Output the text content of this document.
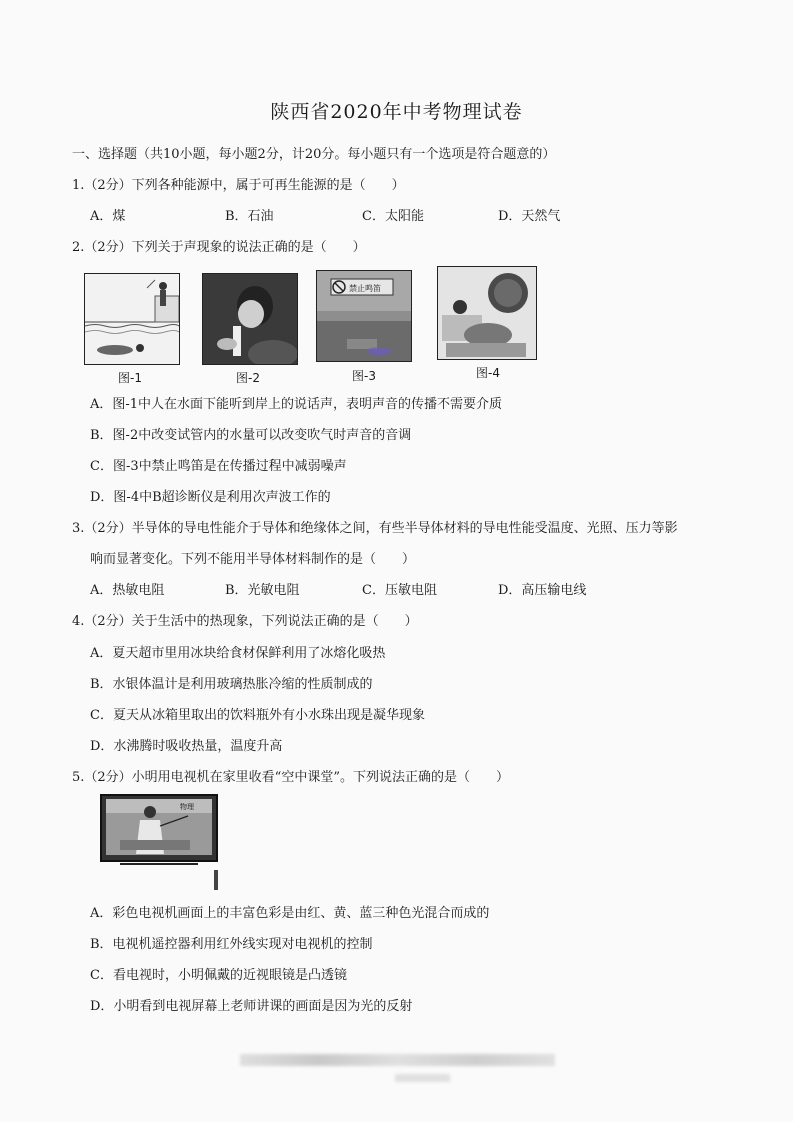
陕西省2020年中考物理试卷
一、选择题（共10小题，每小题2分，计20分。每小题只有一个选项是符合题意的）
1.（2分）下列各种能源中，属于可再生能源的是（　　）
A．煤	B．石油	C．太阳能	D．天然气
2.（2分）下列关于声现象的说法正确的是（　　）
图-1	图-2
禁止鸣笛
图-3	图-4
A．图-1中人在水面下能听到岸上的说话声，表明声音的传播不需要介质
B．图-2中改变试管内的水量可以改变吹气时声音的音调
C．图-3中禁止鸣笛是在传播过程中减弱噪声
D．图-4中B超诊断仪是利用次声波工作的
3.（2分）半导体的导电性能介于导体和绝缘体之间，有些半导体材料的导电性能受温度、光照、压力等影
响而显著变化。下列不能用半导体材料制作的是（　　）
A．热敏电阻	B．光敏电阻	C．压敏电阻	D．高压输电线
4.（2分）关于生活中的热现象，下列说法正确的是（　　）
A．夏天超市里用冰块给食材保鲜利用了冰熔化吸热
B．水银体温计是利用玻璃热胀冷缩的性质制成的
C．夏天从冰箱里取出的饮料瓶外有小水珠出现是凝华现象
D．水沸腾时吸收热量，温度升高
5.（2分）小明用电视机在家里收看“空中课堂”。下列说法正确的是（　　）
物理
A．彩色电视机画面上的丰富色彩是由红、黄、蓝三种色光混合而成的
B．电视机遥控器利用红外线实现对电视机的控制
C．看电视时，小明佩戴的近视眼镜是凸透镜
D．小明看到电视屏幕上老师讲课的画面是因为光的反射
